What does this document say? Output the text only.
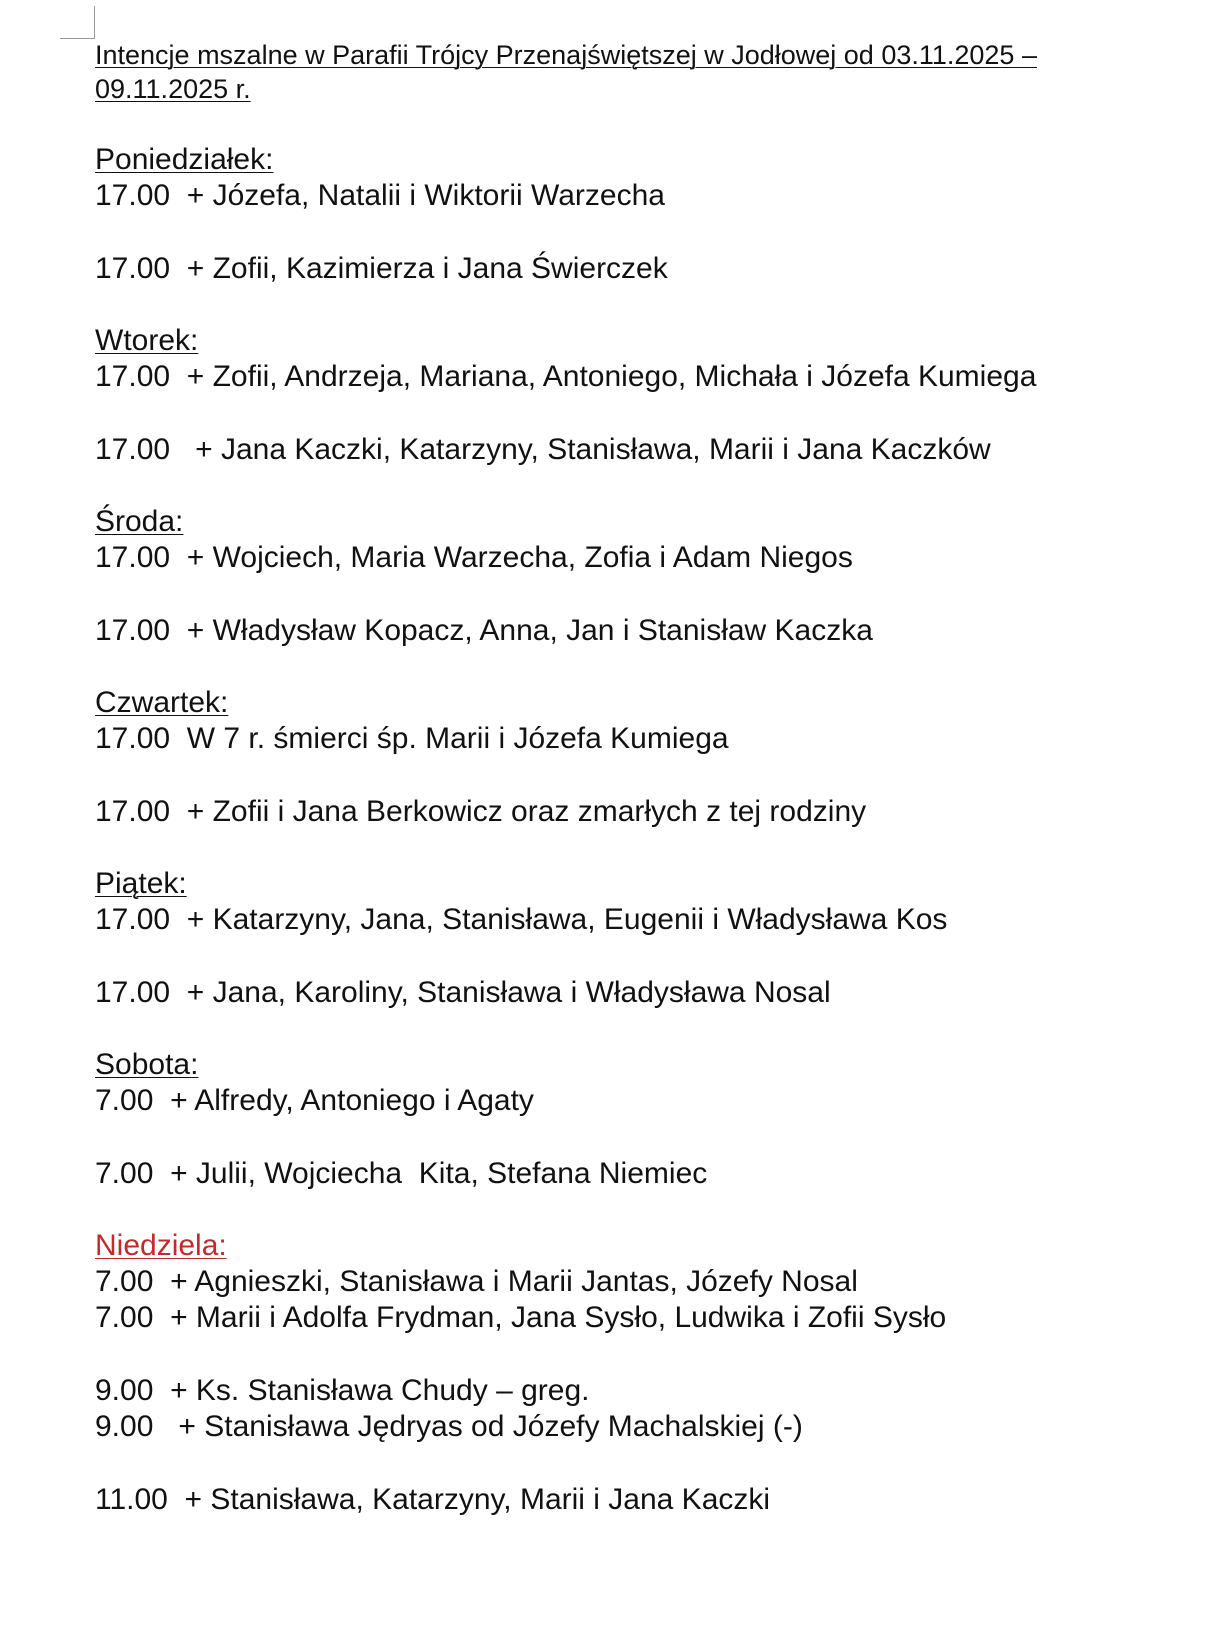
Intencje mszalne w Parafii Trójcy Przenajświętszej w Jodłowej od 03.11.2025 – 09.11.2025 r.

Poniedziałek:

17.00 + Józefa, Natalii i Wiktorii Warzecha

17.00 + Zofii, Kazimierza i Jana Świerczek

Wtorek:

17.00 + Zofii, Andrzeja, Mariana, Antoniego, Michała i Józefa Kumiega

17.00 + Jana Kaczki, Katarzyny, Stanisława, Marii i Jana Kaczków

Środa:

17.00 + Wojciech, Maria Warzecha, Zofia i Adam Niegos

17.00 + Władysław Kopacz, Anna, Jan i Stanisław Kaczka

Czwartek:

17.00 W 7 r. śmierci śp. Marii i Józefa Kumiega

17.00 + Zofii i Jana Berkowicz oraz zmarłych z tej rodziny

Piątek:

17.00 + Katarzyny, Jana, Stanisława, Eugenii i Władysława Kos

17.00 + Jana, Karoliny, Stanisława i Władysława Nosal

Sobota:

7.00 + Alfredy, Antoniego i Agaty

7.00 + Julii, Wojciecha  Kita, Stefana Niemiec

Niedziela:

7.00 + Agnieszki, Stanisława i Marii Jantas, Józefy Nosal

7.00 + Marii i Adolfa Frydman, Jana Sysło, Ludwika i Zofii Sysło

9.00 + Ks. Stanisława Chudy – greg.

9.00 + Stanisława Jędryas od Józefy Machalskiej (-)

11.00 + Stanisława, Katarzyny, Marii i Jana Kaczki
